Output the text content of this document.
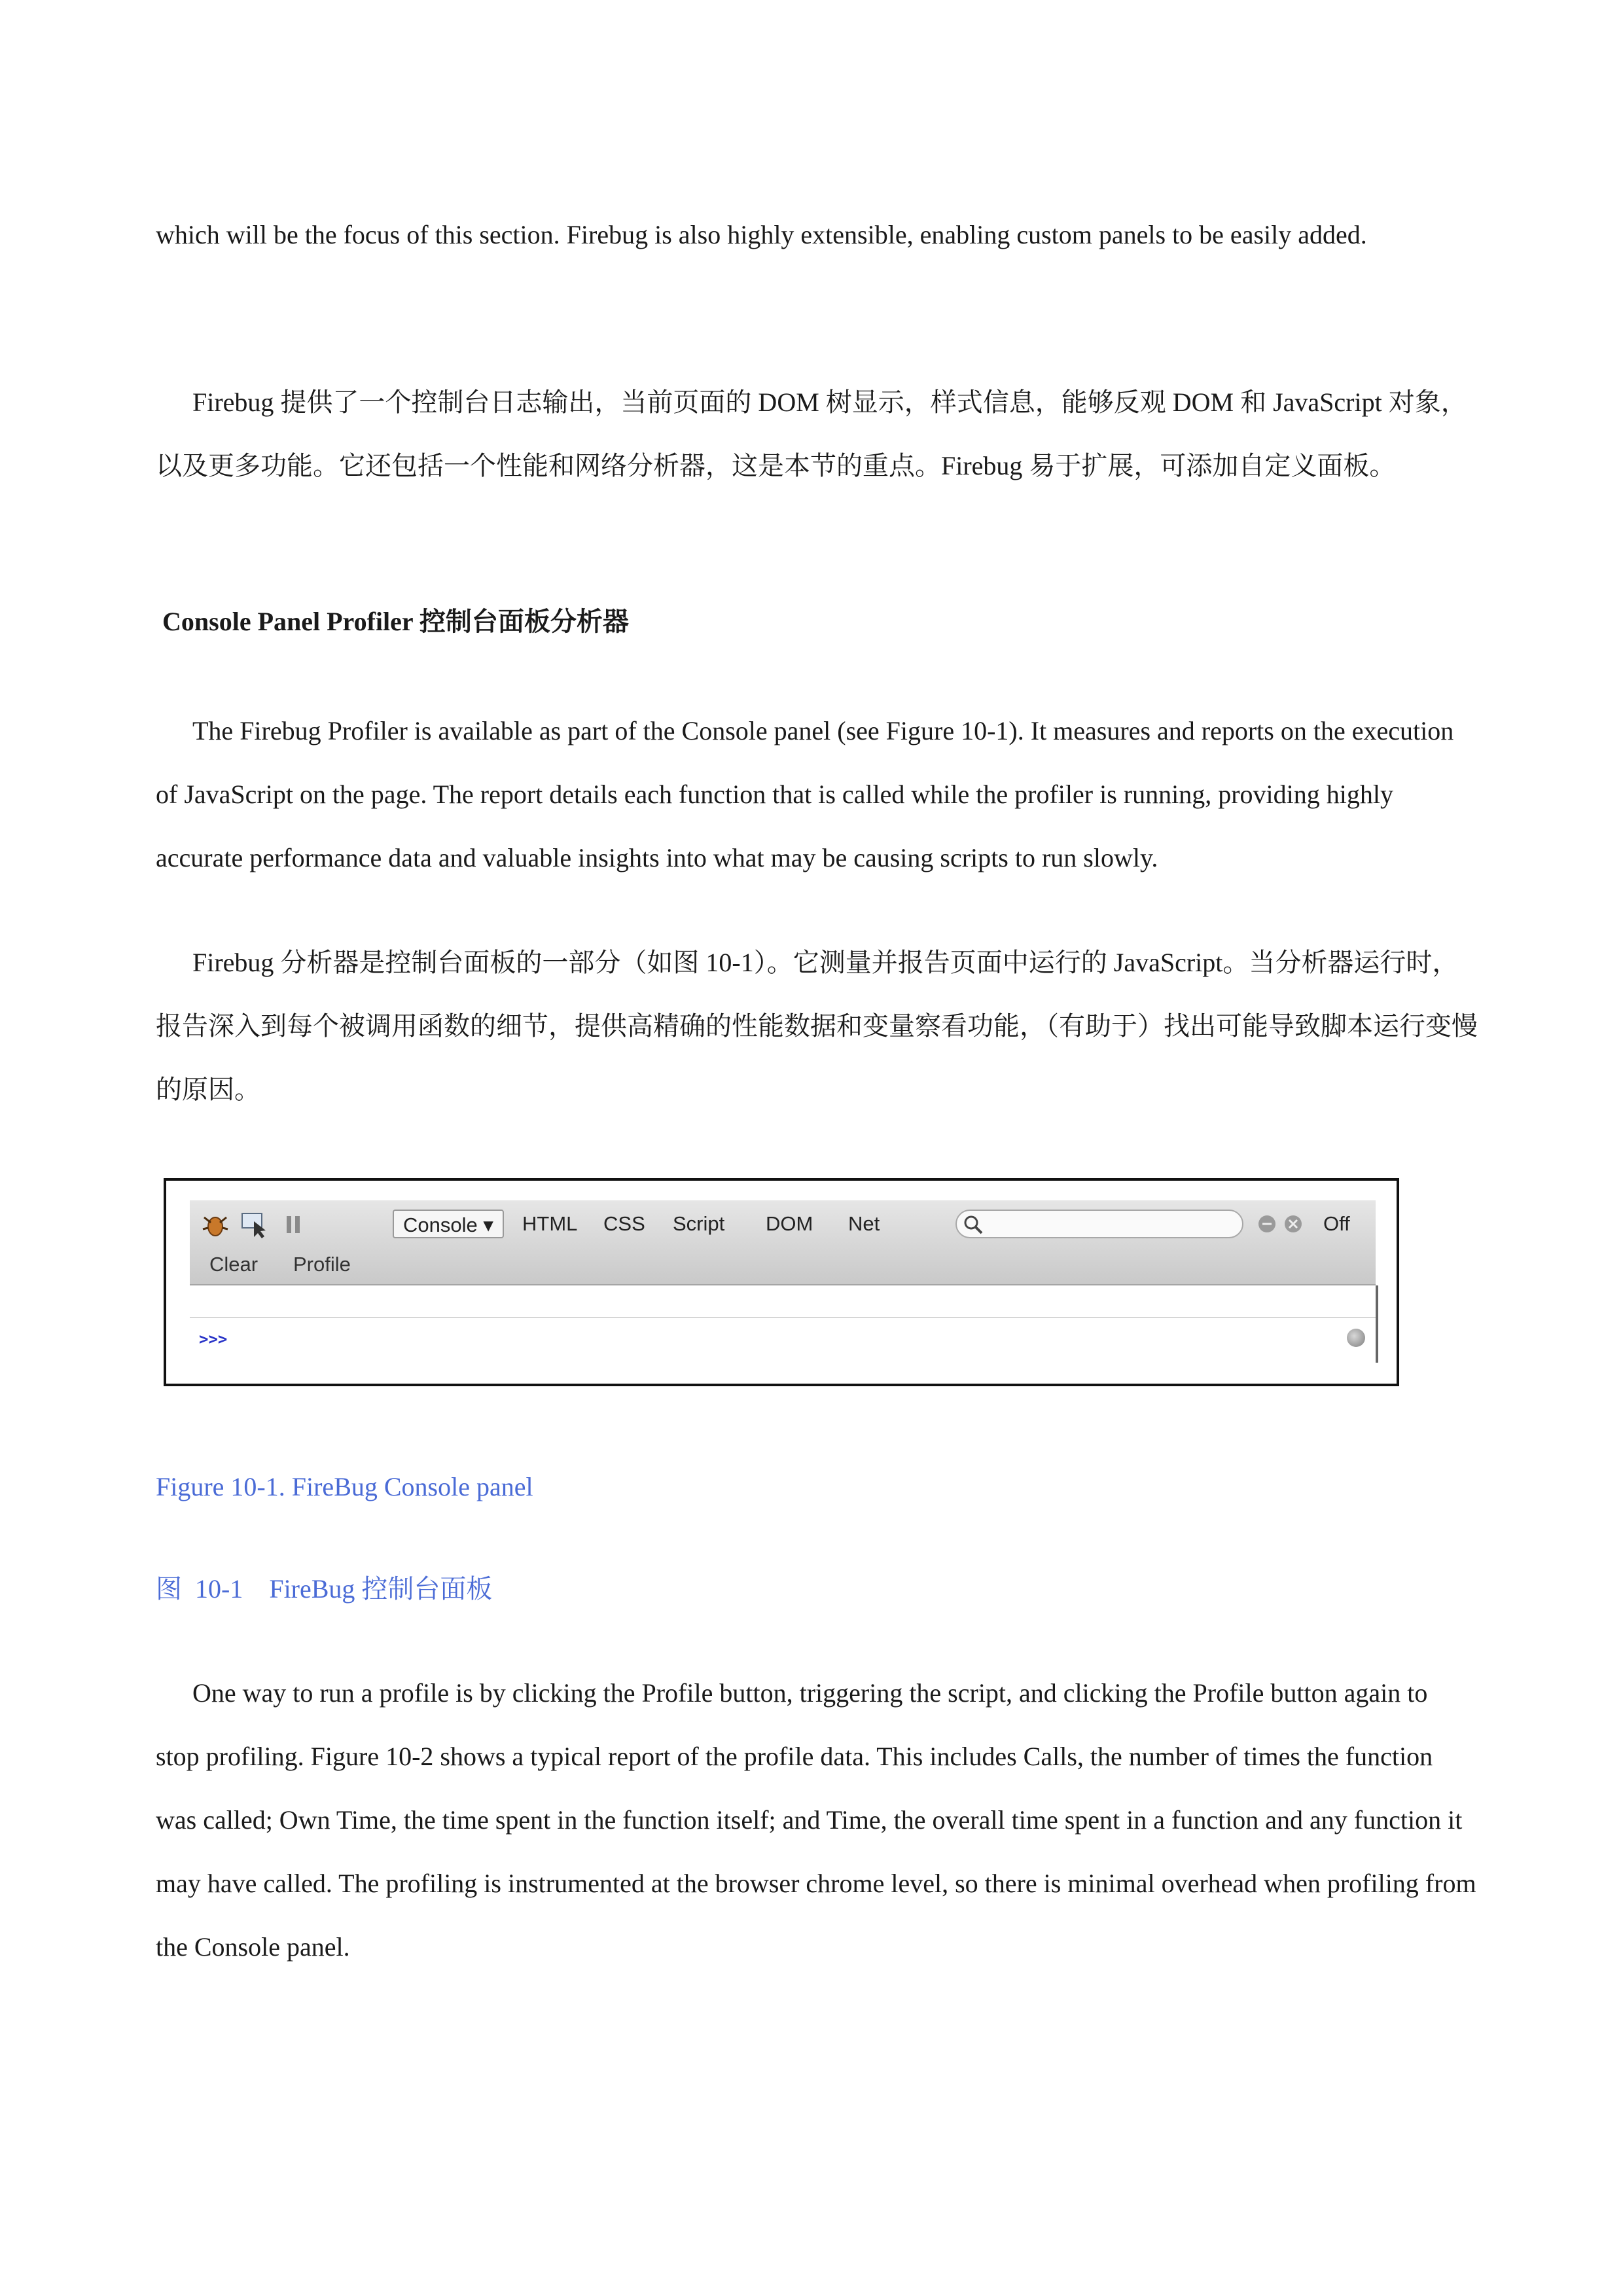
which will be the focus of this section. Firebug is also highly extensible, enabling custom panels to be easily added.

Firebug 提供了一个控制台日志输出，当前页面的 DOM 树显示，样式信息，能够反观 DOM 和 JavaScript 对象，以及更多功能。它还包括一个性能和网络分析器，这是本节的重点。Firebug 易于扩展，可添加自定义面板。

Console Panel Profiler 控制台面板分析器

The Firebug Profiler is available as part of the Console panel (see Figure 10-1). It measures and reports on the execution of JavaScript on the page. The report details each function that is called while the profiler is running, providing highly accurate performance data and valuable insights into what may be causing scripts to run slowly.

Firebug 分析器是控制台面板的一部分（如图 10-1）。它测量并报告页面中运行的 JavaScript。当分析器运行时，报告深入到每个被调用函数的细节，提供高精确的性能数据和变量察看功能，（有助于）找出可能导致脚本运行变慢的原因。

Console ▾	HTML	CSS	Script	DOM	Net	Off
Clear Profile
>>>

Figure 10-1. FireBug Console panel

图  10-1    FireBug 控制台面板

One way to run a profile is by clicking the Profile button, triggering the script, and clicking the Profile button again to stop profiling. Figure 10-2 shows a typical report of the profile data. This includes Calls, the number of times the function was called; Own Time, the time spent in the function itself; and Time, the overall time spent in a function and any function it may have called. The profiling is instrumented at the browser chrome level, so there is minimal overhead when profiling from the Console panel.
